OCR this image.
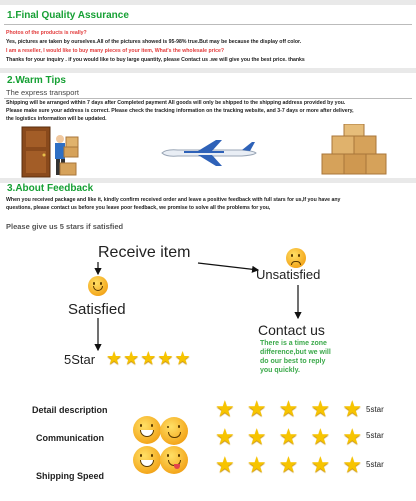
1.Final Quality Assurance
Photos of the products is really?
Yes, pictures are taken by ourselves.All of the pictures showed is 95-98% true.But may be because the display off color.
I am a reseller, I would like to buy many pieces of your item, What's the wholesale price?
Thanks for your inquiry . if you would like to buy large quantity, please Contact us .we will give you the best price. thanks
2.Warm Tips
The express transport
Shipping will be arranged within 7 days after Completed payment All goods will only be shipped to the shipping address provided by you.
Please make sure your address is correct. Please check the tracking information on the tracking website, and 3-7 days or more after delivery,
the logistics information will be updated.
3.About Feedback
When you received package and like it, kindly confirm received order and leave a positive feedback with full stars for us,If you have any
questions, please contact us before you leave poor feedback, we promise to solve all the problems for you,
Please give us 5 stars if satisfied
Receive item
Satisfied
Unsatisfied
Contact us
There is a time zone
difference,but we will
do our best to reply
you quickly.
5Star ★★★★★
Detail description
Communication
Shipping Speed
★ ★ ★ ★ ★
★ ★ ★ ★ ★
★ ★ ★ ★ ★
5star
5star
5star
